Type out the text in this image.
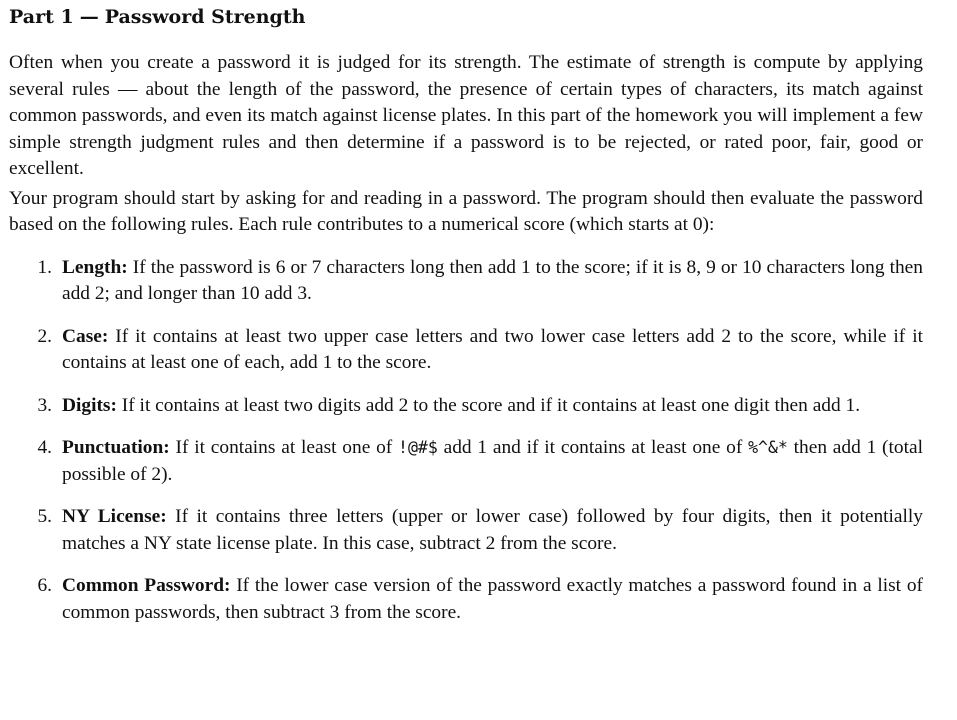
Part 1 — Password Strength

Often when you create a password it is judged for its strength. The estimate of strength is compute by applying several rules — about the length of the password, the presence of certain types of characters, its match against common passwords, and even its match against license plates. In this part of the homework you will implement a few simple strength judgment rules and then determine if a password is to be rejected, or rated poor, fair, good or excellent.

Your program should start by asking for and reading in a password. The program should then evaluate the password based on the following rules. Each rule contributes to a numerical score (which starts at 0):

1. Length: If the password is 6 or 7 characters long then add 1 to the score; if it is 8, 9 or 10 characters long then add 2; and longer than 10 add 3.
2. Case: If it contains at least two upper case letters and two lower case letters add 2 to the score, while if it contains at least one of each, add 1 to the score.
3. Digits: If it contains at least two digits add 2 to the score and if it contains at least one digit then add 1.
4. Punctuation: If it contains at least one of !@#$ add 1 and if it contains at least one of %^&* then add 1 (total possible of 2).
5. NY License: If it contains three letters (upper or lower case) followed by four digits, then it potentially matches a NY state license plate. In this case, subtract 2 from the score.
6. Common Password: If the lower case version of the password exactly matches a password found in a list of common passwords, then subtract 3 from the score.
